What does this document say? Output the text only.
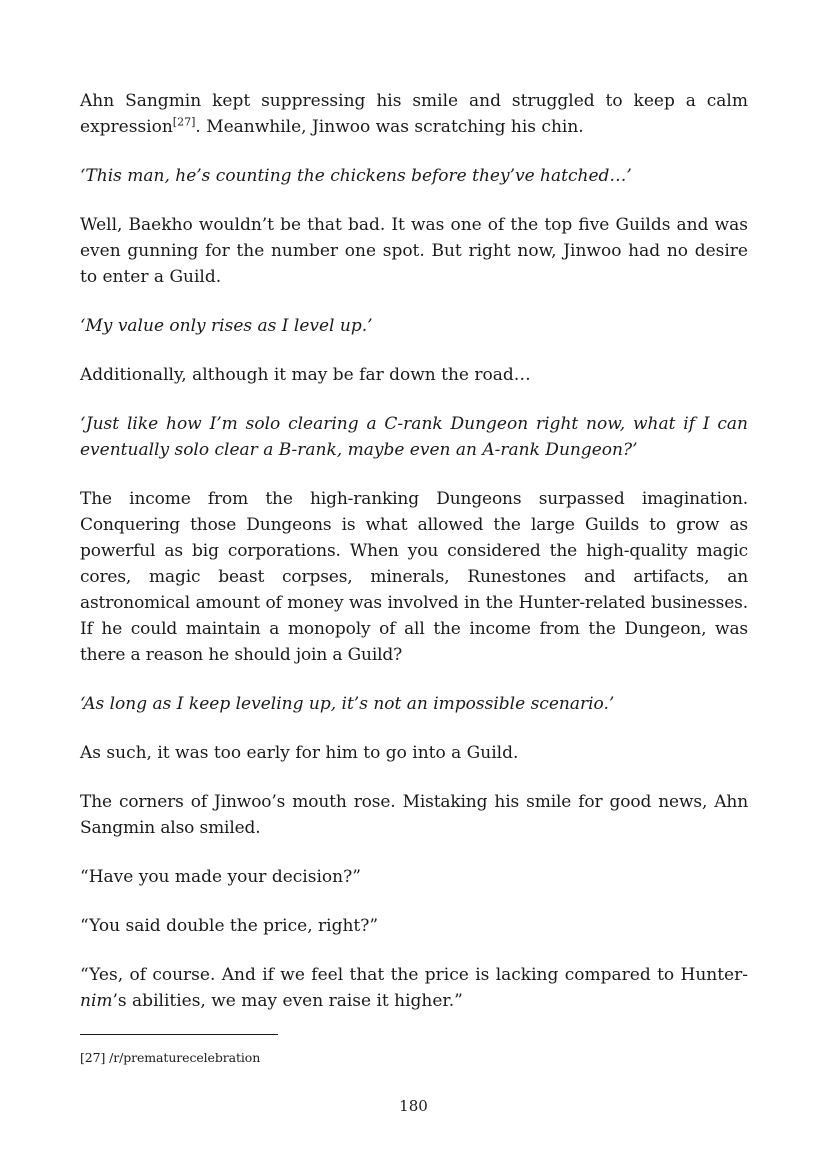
Ahn Sangmin kept suppressing his smile and struggled to keep a calm expression[27]. Meanwhile, Jinwoo was scratching his chin.

‘This man, he’s counting the chickens before they’ve hatched…’

Well, Baekho wouldn’t be that bad. It was one of the top five Guilds and was even gunning for the number one spot. But right now, Jinwoo had no desire to enter a Guild.

‘My value only rises as I level up.’

Additionally, although it may be far down the road…

‘Just like how I’m solo clearing a C-rank Dungeon right now, what if I can eventually solo clear a B-rank, maybe even an A-rank Dungeon?’

The income from the high-ranking Dungeons surpassed imagination. Conquering those Dungeons is what allowed the large Guilds to grow as powerful as big corporations. When you considered the high-quality magic cores, magic beast corpses, minerals, Runestones and artifacts, an astronomical amount of money was involved in the Hunter-related businesses. If he could maintain a monopoly of all the income from the Dungeon, was there a reason he should join a Guild?

‘As long as I keep leveling up, it’s not an impossible scenario.’

As such, it was too early for him to go into a Guild.

The corners of Jinwoo’s mouth rose. Mistaking his smile for good news, Ahn Sangmin also smiled.

“Have you made your decision?”

“You said double the price, right?”

“Yes, of course. And if we feel that the price is lacking compared to Hunter-nim’s abilities, we may even raise it higher.”

[27] /r/prematurecelebration
180
